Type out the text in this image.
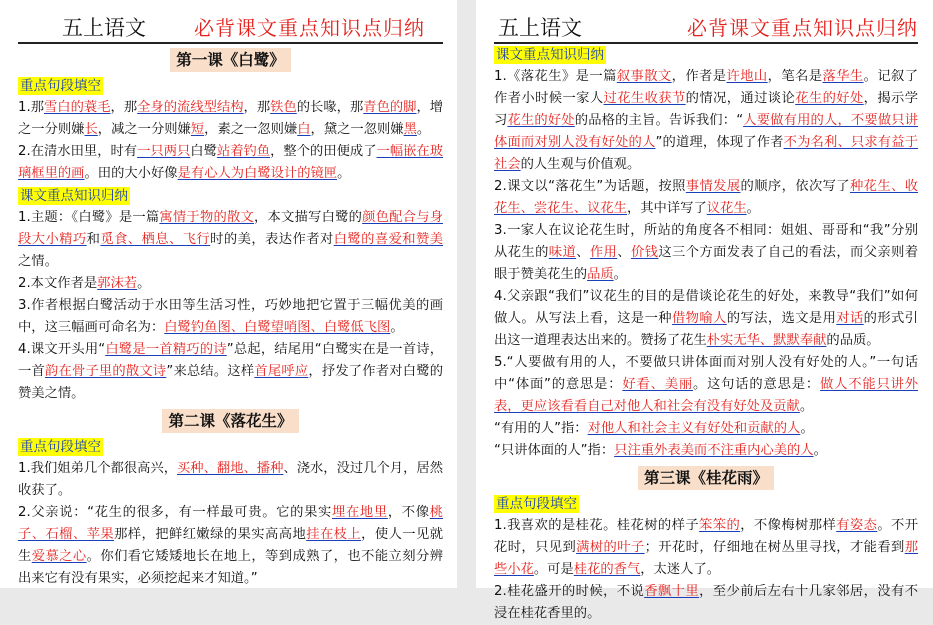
五上语文 必背课文重点知识点归纳
第一课《白鹭》
重点句段填空

1.那雪白的蓑毛，那全身的流线型结构，那铁色的长喙，那青色的脚，增之一分则嫌长，减之一分则嫌短，素之一忽则嫌白，黛之一忽则嫌黑。

2.在清水田里，时有一只两只白鹭站着钓鱼，整个的田便成了一幅嵌在玻璃框里的画。田的大小好像是有心人为白鹭设计的镜匣。

课文重点知识归纳

1.主题：《白鹭》是一篇寓情于物的散文，本文描写白鹭的颜色配合与身段大小精巧和觅食、栖息、飞行时的美，表达作者对白鹭的喜爱和赞美之情。

2.本文作者是郭沫若。

3.作者根据白鹭活动于水田等生活习性，巧妙地把它置于三幅优美的画中，这三幅画可命名为：白鹭钓鱼图、白鹭望哨图、白鹭低飞图。

4.课文开头用“白鹭是一首精巧的诗”总起，结尾用“白鹭实在是一首诗，一首韵在骨子里的散文诗”来总结。这样首尾呼应，抒发了作者对白鹭的赞美之情。

第二课《落花生》
重点句段填空

1.我们姐弟几个都很高兴，买种、翻地、播种、浇水，没过几个月，居然收获了。

2.父亲说：“花生的很多，有一样最可贵。它的果实埋在地里，不像桃子、石榴、苹果那样，把鲜红嫩绿的果实高高地挂在枝上，使人一见就生爱慕之心。你们看它矮矮地长在地上，等到成熟了，也不能立刻分辨出来它有没有果实，必须挖起来才知道。”

五上语文	必背课文重点知识点归纳
课文重点知识归纳

1.《落花生》是一篇叙事散文，作者是许地山，笔名是落华生。记叙了作者小时候一家人过花生收获节的情况，通过谈论花生的好处，揭示学习花生的好处的品格的主旨。告诉我们：“人要做有用的人，不要做只讲体面而对别人没有好处的人”的道理，体现了作者不为名利、只求有益于社会的人生观与价值观。

2.课文以“落花生”为话题，按照事情发展的顺序，依次写了种花生、收花生、尝花生、议花生，其中详写了议花生。

3.一家人在议论花生时，所站的角度各不相同：姐姐、哥哥和“我”分别从花生的味道、作用、价钱这三个方面发表了自己的看法，而父亲则着眼于赞美花生的品质。

4.父亲跟“我们”议花生的目的是借谈论花生的好处，来教导“我们”如何做人。从写法上看，这是一种借物喻人的写法，选文是用对话的形式引出这一道理表达出来的。赞扬了花生朴实无华、默默奉献的品质。

5.“人要做有用的人，不要做只讲体面而对别人没有好处的人。”一句话中“体面”的意思是：好看、美丽。这句话的意思是：做人不能只讲外表，更应该看看自己对他人和社会有没有好处及贡献。

“有用的人”指：对他人和社会主义有好处和贡献的人。

“只讲体面的人”指：只注重外表美而不注重内心美的人。

第三课《桂花雨》
重点句段填空

1.我喜欢的是桂花。桂花树的样子笨笨的，不像梅树那样有姿态。不开花时，只见到满树的叶子；开花时，仔细地在树丛里寻找，才能看到那些小花。可是桂花的香气，太迷人了。

2.桂花盛开的时候，不说香飘十里，至少前后左右十几家邻居，没有不浸在桂花香里的。
